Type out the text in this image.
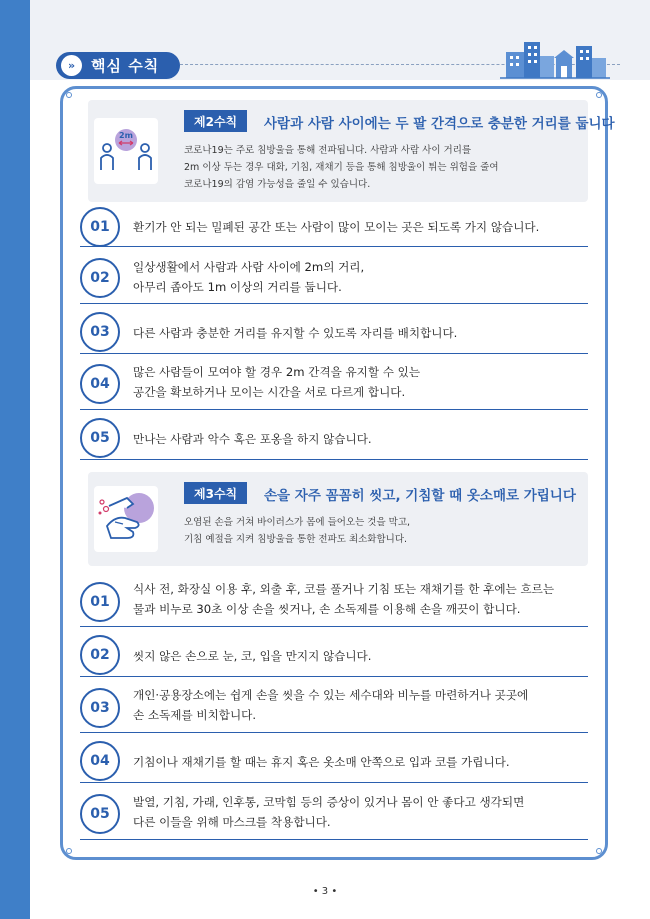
»	핵심 수칙
2m
제2수칙	사람과 사람 사이에는 두 팔 간격으로 충분한 거리를 둡니다
코로나19는 주로 침방울을 통해 전파됩니다. 사람과 사람 사이 거리를
2m 이상 두는 경우 대화, 기침, 재채기 등을 통해 침방울이 튀는 위험을 줄여
코로나19의 감염 가능성을 줄일 수 있습니다.
01	환기가 안 되는 밀폐된 공간 또는 사람이 많이 모이는 곳은 되도록 가지 않습니다.
02
일상생활에서 사람과 사람 사이에 2m의 거리,
아무리 좁아도 1m 이상의 거리를 둡니다.
03	다른 사람과 충분한 거리를 유지할 수 있도록 자리를 배치합니다.
04
많은 사람들이 모여야 할 경우 2m 간격을 유지할 수 있는
공간을 확보하거나 모이는 시간을 서로 다르게 합니다.
05	만나는 사람과 악수 혹은 포옹을 하지 않습니다.
제3수칙	손을 자주 꼼꼼히 씻고, 기침할 때 옷소매로 가립니다
오염된 손을 거쳐 바이러스가 몸에 들어오는 것을 막고,
기침 예절을 지켜 침방울을 통한 전파도 최소화합니다.
01
식사 전, 화장실 이용 후, 외출 후, 코를 풀거나 기침 또는 재채기를 한 후에는 흐르는
물과 비누로 30초 이상 손을 씻거나, 손 소독제를 이용해 손을 깨끗이 합니다.
02	씻지 않은 손으로 눈, 코, 입을 만지지 않습니다.
03
개인·공용장소에는 쉽게 손을 씻을 수 있는 세수대와 비누를 마련하거나 곳곳에
손 소독제를 비치합니다.
04	기침이나 재채기를 할 때는 휴지 혹은 옷소매 안쪽으로 입과 코를 가립니다.
05
발열, 기침, 가래, 인후통, 코막힘 등의 증상이 있거나 몸이 안 좋다고 생각되면
다른 이들을 위해 마스크를 착용합니다.
• 3 •
